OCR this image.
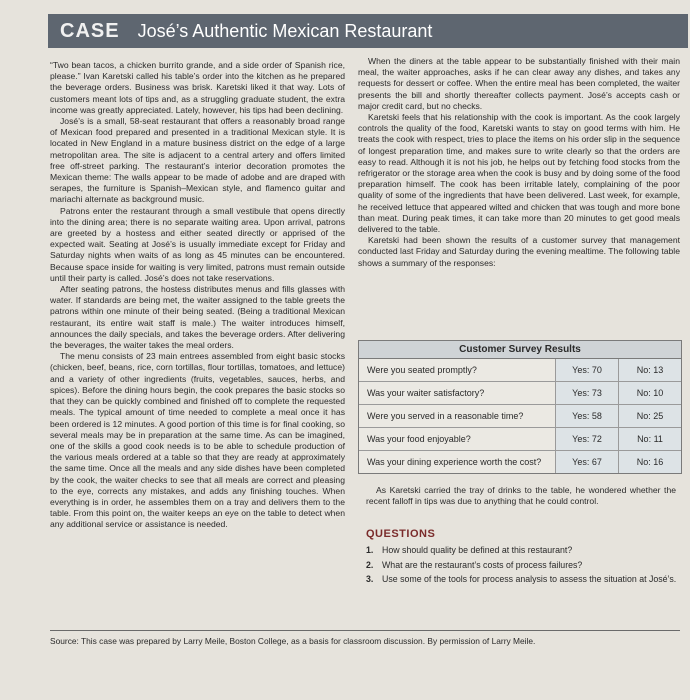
CASE José’s Authentic Mexican Restaurant

“Two bean tacos, a chicken burrito grande, and a side order of Spanish rice, please.” Ivan Karetski called his table’s order into the kitchen as he prepared the beverage orders. Business was brisk. Karetski liked it that way. Lots of customers meant lots of tips and, as a struggling graduate student, the extra income was greatly appreciated. Lately, however, his tips had been declining.

José’s is a small, 58-seat restaurant that offers a reasonably broad range of Mexican food prepared and presented in a traditional Mexican style. It is located in New England in a mature business district on the edge of a large metropolitan area. The site is adjacent to a central artery and offers limited free off-street parking. The restaurant’s interior decoration promotes the Mexican theme: The walls appear to be made of adobe and are draped with serapes, the furniture is Spanish–Mexican style, and flamenco guitar and mariachi alternate as background music.

Patrons enter the restaurant through a small vestibule that opens directly into the dining area; there is no separate waiting area. Upon arrival, patrons are greeted by a hostess and either seated directly or apprised of the expected wait. Seating at José’s is usually immediate except for Friday and Saturday nights when waits of as long as 45 minutes can be encountered. Because space inside for waiting is very limited, patrons must remain outside until their party is called. José’s does not take reservations.

After seating patrons, the hostess distributes menus and fills glasses with water. If standards are being met, the waiter assigned to the table greets the patrons within one minute of their being seated. (Being a traditional Mexican restaurant, its entire wait staff is male.) The waiter introduces himself, announces the daily specials, and takes the beverage orders. After delivering the beverages, the waiter takes the meal orders.

The menu consists of 23 main entrees assembled from eight basic stocks (chicken, beef, beans, rice, corn tortillas, flour tortillas, tomatoes, and lettuce) and a variety of other ingredients (fruits, vegetables, sauces, herbs, and spices). Before the dining hours begin, the cook prepares the basic stocks so that they can be quickly combined and finished off to complete the requested meals. The typical amount of time needed to complete a meal once it has been ordered is 12 minutes. A good portion of this time is for final cooking, so several meals may be in preparation at the same time. As can be imagined, one of the skills a good cook needs is to be able to schedule production of the various meals ordered at a table so that they are ready at approximately the same time. Once all the meals and any side dishes have been completed by the cook, the waiter checks to see that all meals are correct and pleasing to the eye, corrects any mistakes, and adds any finishing touches. When everything is in order, he assembles them on a tray and delivers them to the table. From this point on, the waiter keeps an eye on the table to detect when any additional service or assistance is needed.

When the diners at the table appear to be substantially finished with their main meal, the waiter approaches, asks if he can clear away any dishes, and takes any requests for dessert or coffee. When the entire meal has been completed, the waiter presents the bill and shortly thereafter collects payment. José’s accepts cash or major credit card, but no checks.

Karetski feels that his relationship with the cook is important. As the cook largely controls the quality of the food, Karetski wants to stay on good terms with him. He treats the cook with respect, tries to place the items on his order slip in the sequence of longest preparation time, and makes sure to write clearly so that the orders are easy to read. Although it is not his job, he helps out by fetching food stocks from the refrigerator or the storage area when the cook is busy and by doing some of the food preparation himself. The cook has been irritable lately, complaining of the poor quality of some of the ingredients that have been delivered. Last week, for example, he received lettuce that appeared wilted and chicken that was tough and more bone than meat. During peak times, it can take more than 20 minutes to get good meals delivered to the table.

Karetski had been shown the results of a customer survey that management conducted last Friday and Saturday during the evening mealtime. The following table shows a summary of the responses:

Customer Survey Results
Were you seated promptly?	Yes: 70	No: 13
Was your waiter satisfactory?	Yes: 73	No: 10
Were you served in a reasonable time?	Yes: 58	No: 25
Was your food enjoyable?	Yes: 72	No: 11
Was your dining experience worth the cost?	Yes: 67	No: 16
As Karetski carried the tray of drinks to the table, he wondered whether the recent falloff in tips was due to anything that he could control.
QUESTIONS
1. How should quality be defined at this restaurant?
2. What are the restaurant’s costs of process failures?
3. Use some of the tools for process analysis to assess the situation at José’s.
Source: This case was prepared by Larry Meile, Boston College, as a basis for classroom discussion. By permission of Larry Meile.
